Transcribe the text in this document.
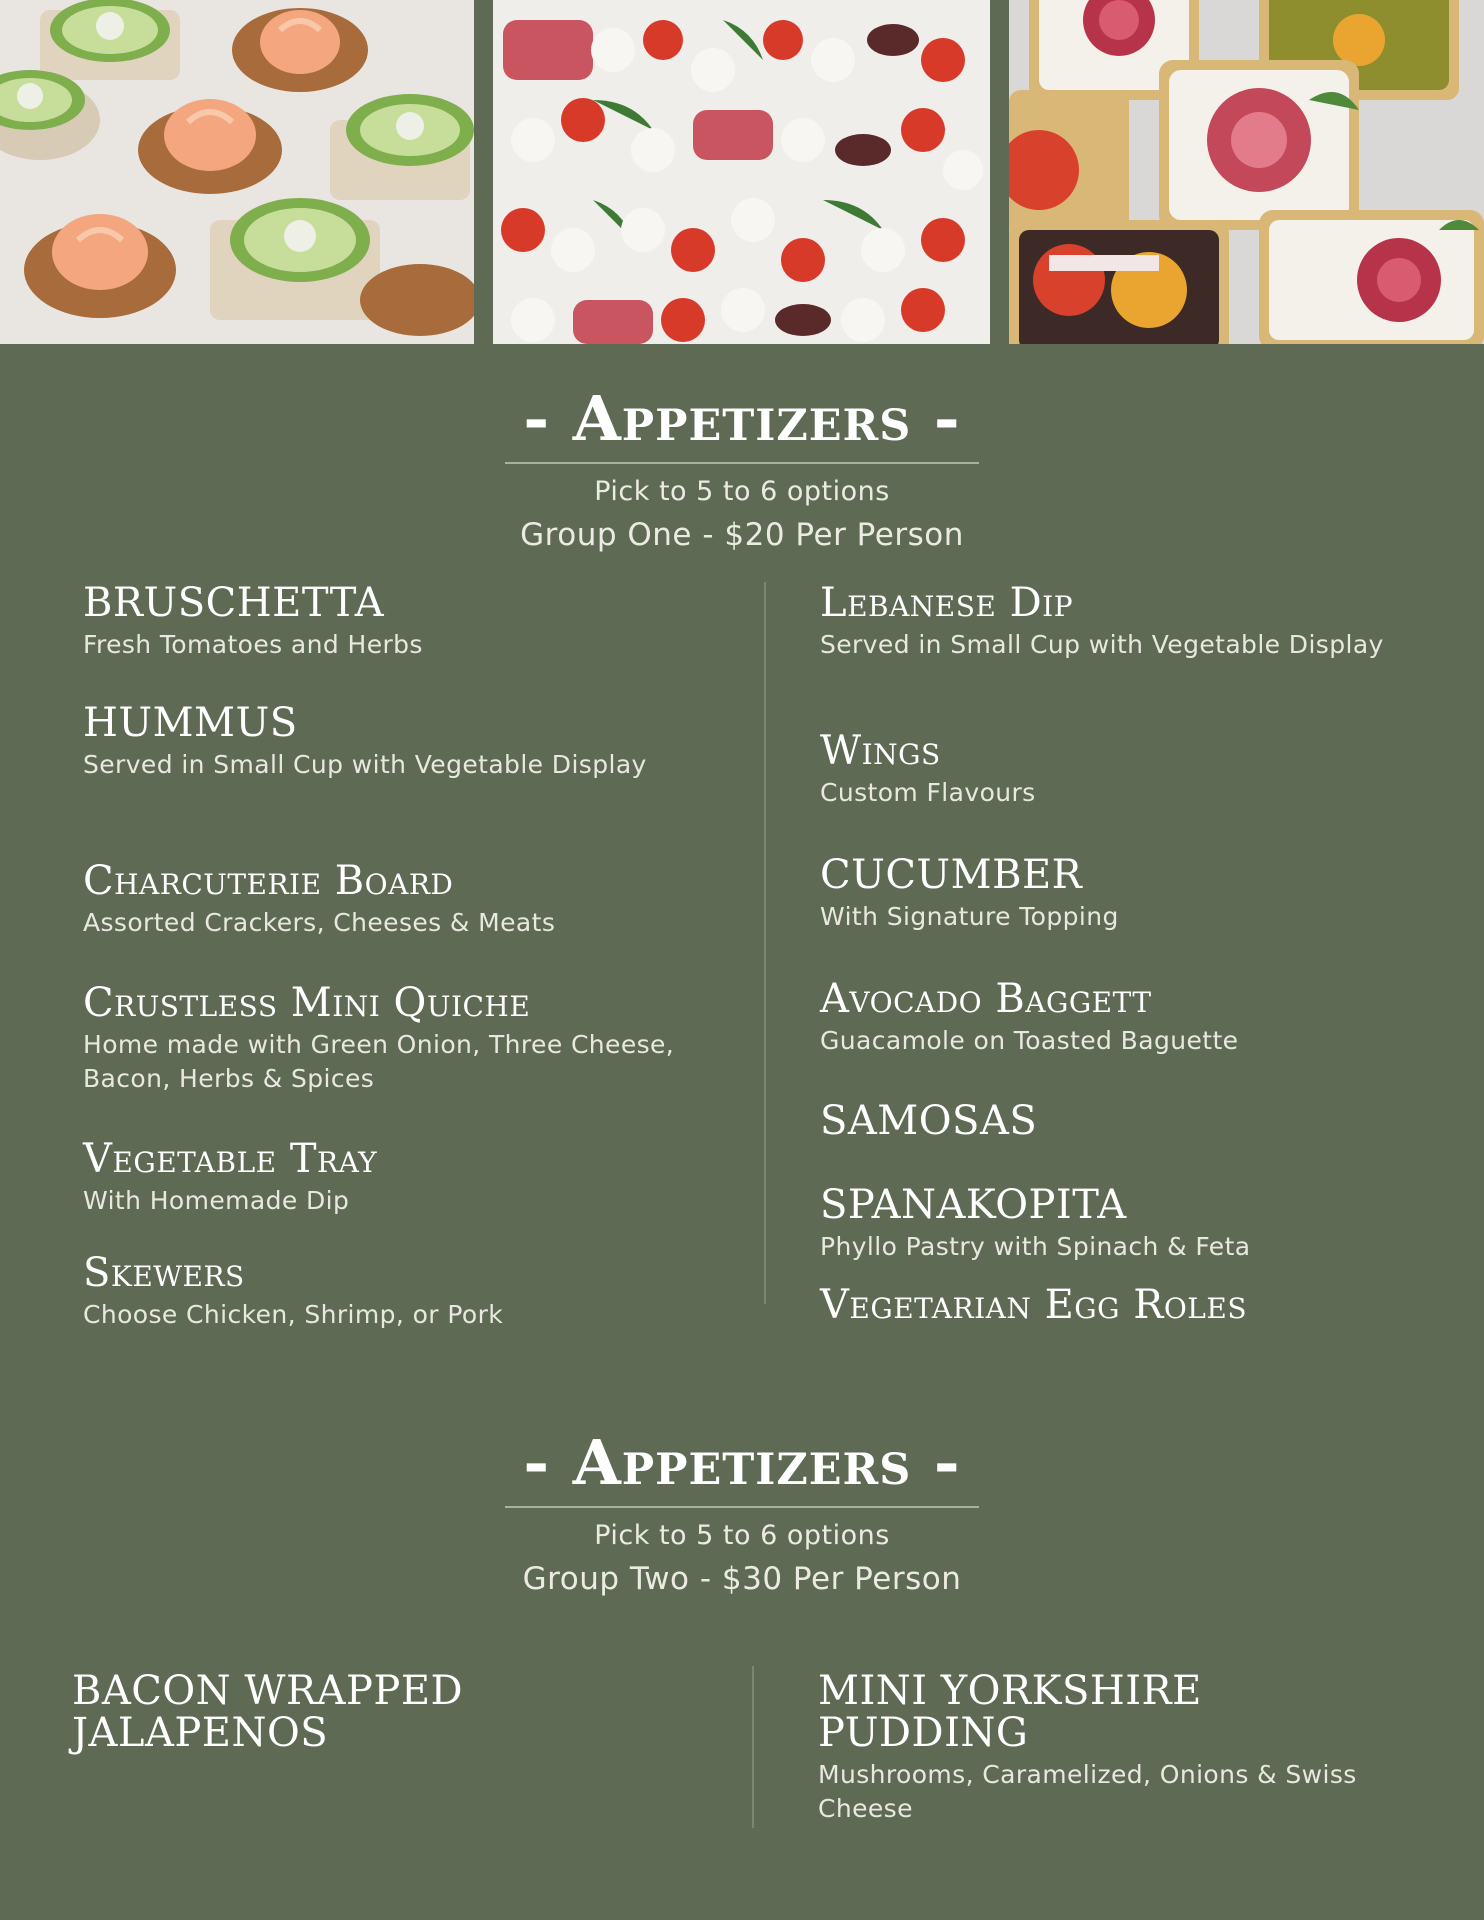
- Appetizers -
Pick to 5 to 6 options
Group One - $20 Per Person
BRUSCHETTA
Fresh Tomatoes and Herbs
HUMMUS
Served in Small Cup with Vegetable Display
Charcuterie Board
Assorted Crackers, Cheeses & Meats
Crustless Mini Quiche
Home made with Green Onion, Three Cheese, Bacon, Herbs & Spices
Vegetable Tray
With Homemade Dip
Skewers
Choose Chicken, Shrimp, or Pork
Lebanese Dip
Served in Small Cup with Vegetable Display
Wings
Custom Flavours
CUCUMBER
With Signature Topping
Avocado Baggett
Guacamole on Toasted Baguette
SAMOSAS
SPANAKOPITA
Phyllo Pastry with Spinach & Feta
Vegetarian Egg Roles
- Appetizers -
Pick to 5 to 6 options
Group Two - $30 Per Person
BACON WRAPPED JALAPENOS
MINI YORKSHIRE PUDDING
Mushrooms, Caramelized, Onions & Swiss Cheese
